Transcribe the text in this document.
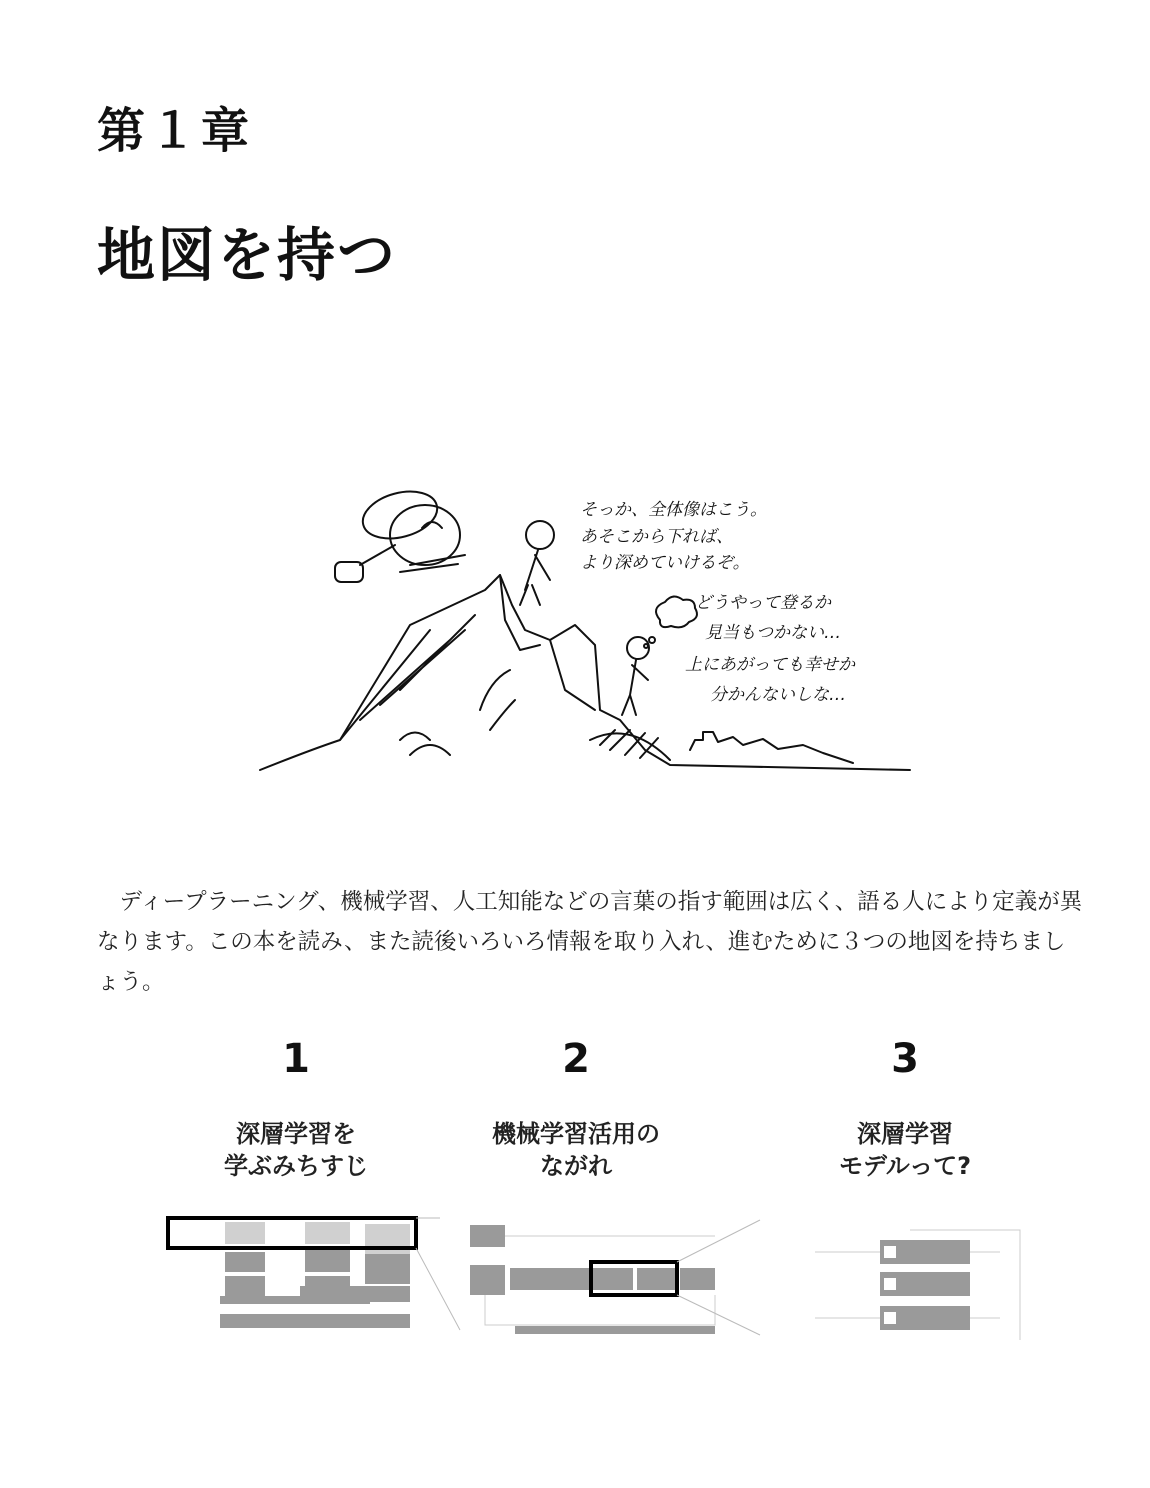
第１章
地図を持つ
そっか、全体像はこう。
あそこから下れば、
より深めていけるぞ。
どうやって登るか
見当もつかない…
上にあがっても幸せか
分かんないしな…

ディープラーニング、機械学習、人工知能などの言葉の指す範囲は広く、語る人により定義が異なります。この本を読み、また読後いろいろ情報を取り入れ、進むために３つの地図を持ちましょう。

1	2	3
深層学習を
学ぶみちすじ
機械学習活用の
ながれ
深層学習
モデルって?
